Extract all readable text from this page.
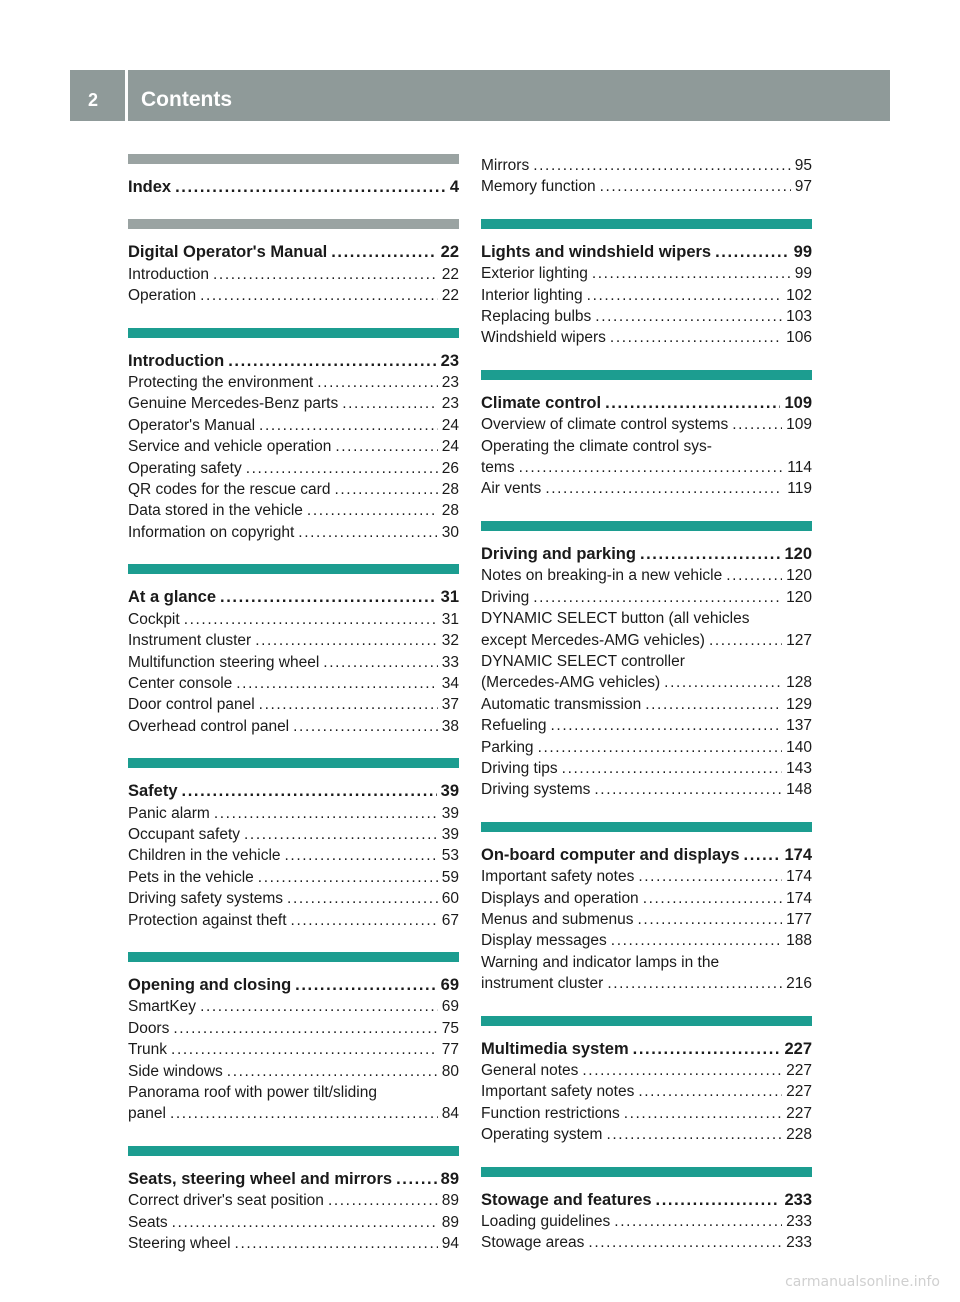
2 Contents
Index .....	4
Digital Operator's Manual .....	22
Introduction .....	22
Operation .....	22
Introduction .....	23
Protecting the environment .....	23
Genuine Mercedes-Benz parts .....	23
Operator's Manual .....	24
Service and vehicle operation .....	24
Operating safety .....	26
QR codes for the rescue card .....	28
Data stored in the vehicle .....	28
Information on copyright .....	30
At a glance .....	31
Cockpit .....	31
Instrument cluster .....	32
Multifunction steering wheel .....	33
Center console .....	34
Door control panel .....	37
Overhead control panel .....	38
Safety .....	39
Panic alarm .....	39
Occupant safety .....	39
Children in the vehicle .....	53
Pets in the vehicle .....	59
Driving safety systems .....	60
Protection against theft .....	67
Opening and closing .....	69
SmartKey .....	69
Doors .....	75
Trunk .....	77
Side windows .....	80
Panorama roof with power tilt/sliding
panel .....	84
Seats, steering wheel and mirrors .....	89
Correct driver's seat position .....	89
Seats .....	89
Steering wheel .....	94
Mirrors .....	95
Memory function .....	97
Lights and windshield wipers .....	99
Exterior lighting .....	99
Interior lighting .....	102
Replacing bulbs .....	103
Windshield wipers .....	106
Climate control .....	109
Overview of climate control systems .....	109
Operating the climate control sys-
tems .....	114
Air vents .....	119
Driving and parking .....	120
Notes on breaking-in a new vehicle .....	120
Driving .....	120
DYNAMIC SELECT button (all vehicles
except Mercedes-AMG vehicles) .....	127
DYNAMIC SELECT controller
(Mercedes-AMG vehicles) .....	128
Automatic transmission .....	129
Refueling .....	137
Parking .....	140
Driving tips .....	143
Driving systems .....	148
On-board computer and displays .....	174
Important safety notes .....	174
Displays and operation .....	174
Menus and submenus .....	177
Display messages .....	188
Warning and indicator lamps in the
instrument cluster .....	216
Multimedia system .....	227
General notes .....	227
Important safety notes .....	227
Function restrictions .....	227
Operating system .....	228
Stowage and features .....	233
Loading guidelines .....	233
Stowage areas .....	233
carmanualsonline.info
